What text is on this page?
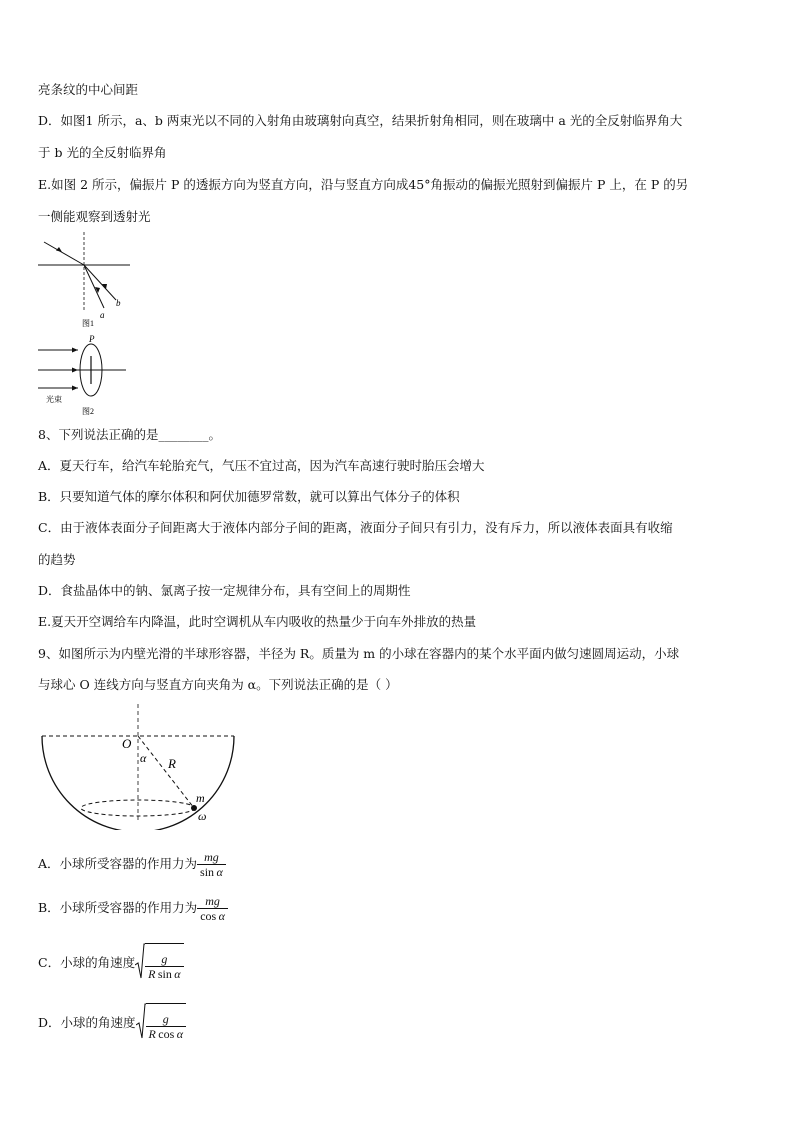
亮条纹的中心间距
D．如图1 所示，a、b 两束光以不同的入射角由玻璃射向真空，结果折射角相同，则在玻璃中 a 光的全反射临界角大
于 b 光的全反射临界角
E.如图 2 所示，偏振片 P 的透振方向为竖直方向，沿与竖直方向成45°角振动的偏振光照射到偏振片 P 上，在 P 的另
一侧能观察到透射光
a
b
图1
P
光束
图2
8、下列说法正确的是________。
A．夏天行车，给汽车轮胎充气，气压不宜过高，因为汽车高速行驶时胎压会增大
B．只要知道气体的摩尔体积和阿伏加德罗常数，就可以算出气体分子的体积
C．由于液体表面分子间距离大于液体内部分子间的距离，液面分子间只有引力，没有斥力，所以液体表面具有收缩
的趋势
D．食盐晶体中的钠、氯离子按一定规律分布，具有空间上的周期性
E.夏天开空调给车内降温，此时空调机从车内吸收的热量少于向车外排放的热量
9、如图所示为内壁光滑的半球形容器，半径为 R。质量为 m 的小球在容器内的某个水平面内做匀速圆周运动，小球
与球心 O 连线方向与竖直方向夹角为 α。下列说法正确的是（ ）
O
α R
m
ω
A．小球所受容器的作用力为 $\frac{mg}{\text{sin  α}}$
B．小球所受容器的作用力为 $\frac{mg}{\text{cos  α}}$
C．小球的角速度 $\frac{g}{\text{R  sin  α}}$
D．小球的角速度 $\frac{g}{\text{R  cos  α}}$
